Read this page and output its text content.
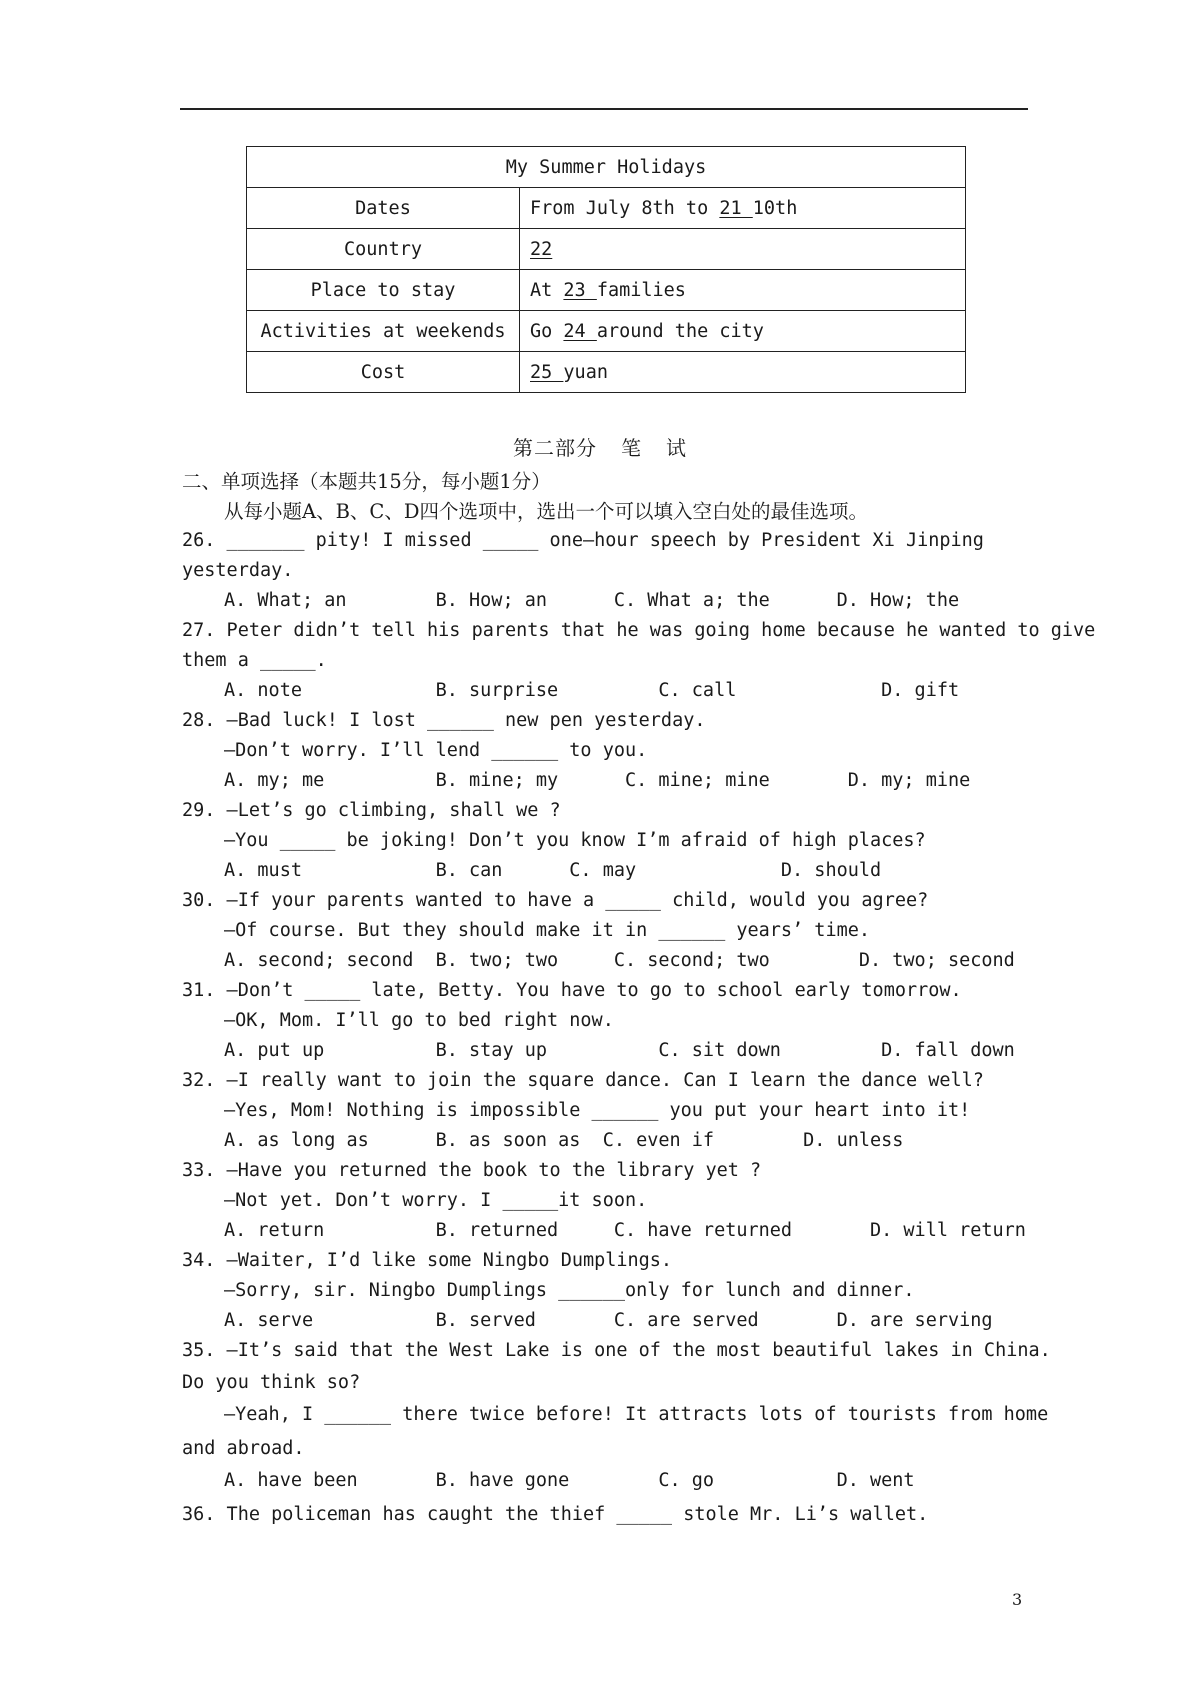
My Summer Holidays	
Dates	From July 8th to 21 10th
Country	22
Place to stay	At 23 families
Activities at weekends	Go 24 around the city
Cost	25 yuan
第二部分 笔 试
二、单项选择（本题共15分，每小题1分）
从每小题A、B、C、D四个选项中，选出一个可以填入空白处的最佳选项。
26. _______ pity! I missed _____ one—hour speech by President Xi Jinping
yesterday.
A. What; an        B. How; an      C. What a; the      D. How; the
27. Peter didn’t tell his parents that he was going home because he wanted to give
them a _____.
A. note            B. surprise         C. call             D. gift
28. —Bad luck! I lost ______ new pen yesterday.
—Don’t worry. I’ll lend ______ to you.
A. my; me          B. mine; my      C. mine; mine       D. my; mine
29. —Let’s go climbing, shall we ?
—You _____ be joking! Don’t you know I’m afraid of high places?
A. must            B. can      C. may             D. should
30. —If your parents wanted to have a _____ child, would you agree?
—Of course. But they should make it in ______ years’ time.
A. second; second  B. two; two     C. second; two        D. two; second
31. —Don’t _____ late, Betty. You have to go to school early tomorrow.
—OK, Mom. I’ll go to bed right now.
A. put up          B. stay up          C. sit down         D. fall down
32. —I really want to join the square dance. Can I learn the dance well?
—Yes, Mom! Nothing is impossible ______ you put your heart into it!
A. as long as      B. as soon as  C. even if        D. unless
33. —Have you returned the book to the library yet ?
—Not yet. Don’t worry. I _____it soon.
A. return          B. returned     C. have returned       D. will return
34. —Waiter, I’d like some Ningbo Dumplings.
—Sorry, sir. Ningbo Dumplings ______only for lunch and dinner.
A. serve           B. served       C. are served       D. are serving
35. —It’s said that the West Lake is one of the most beautiful lakes in China.
Do you think so?
—Yeah, I ______ there twice before! It attracts lots of tourists from home
and abroad.
A. have been       B. have gone        C. go           D. went
36. The policeman has caught the thief _____ stole Mr. Li’s wallet.
3
